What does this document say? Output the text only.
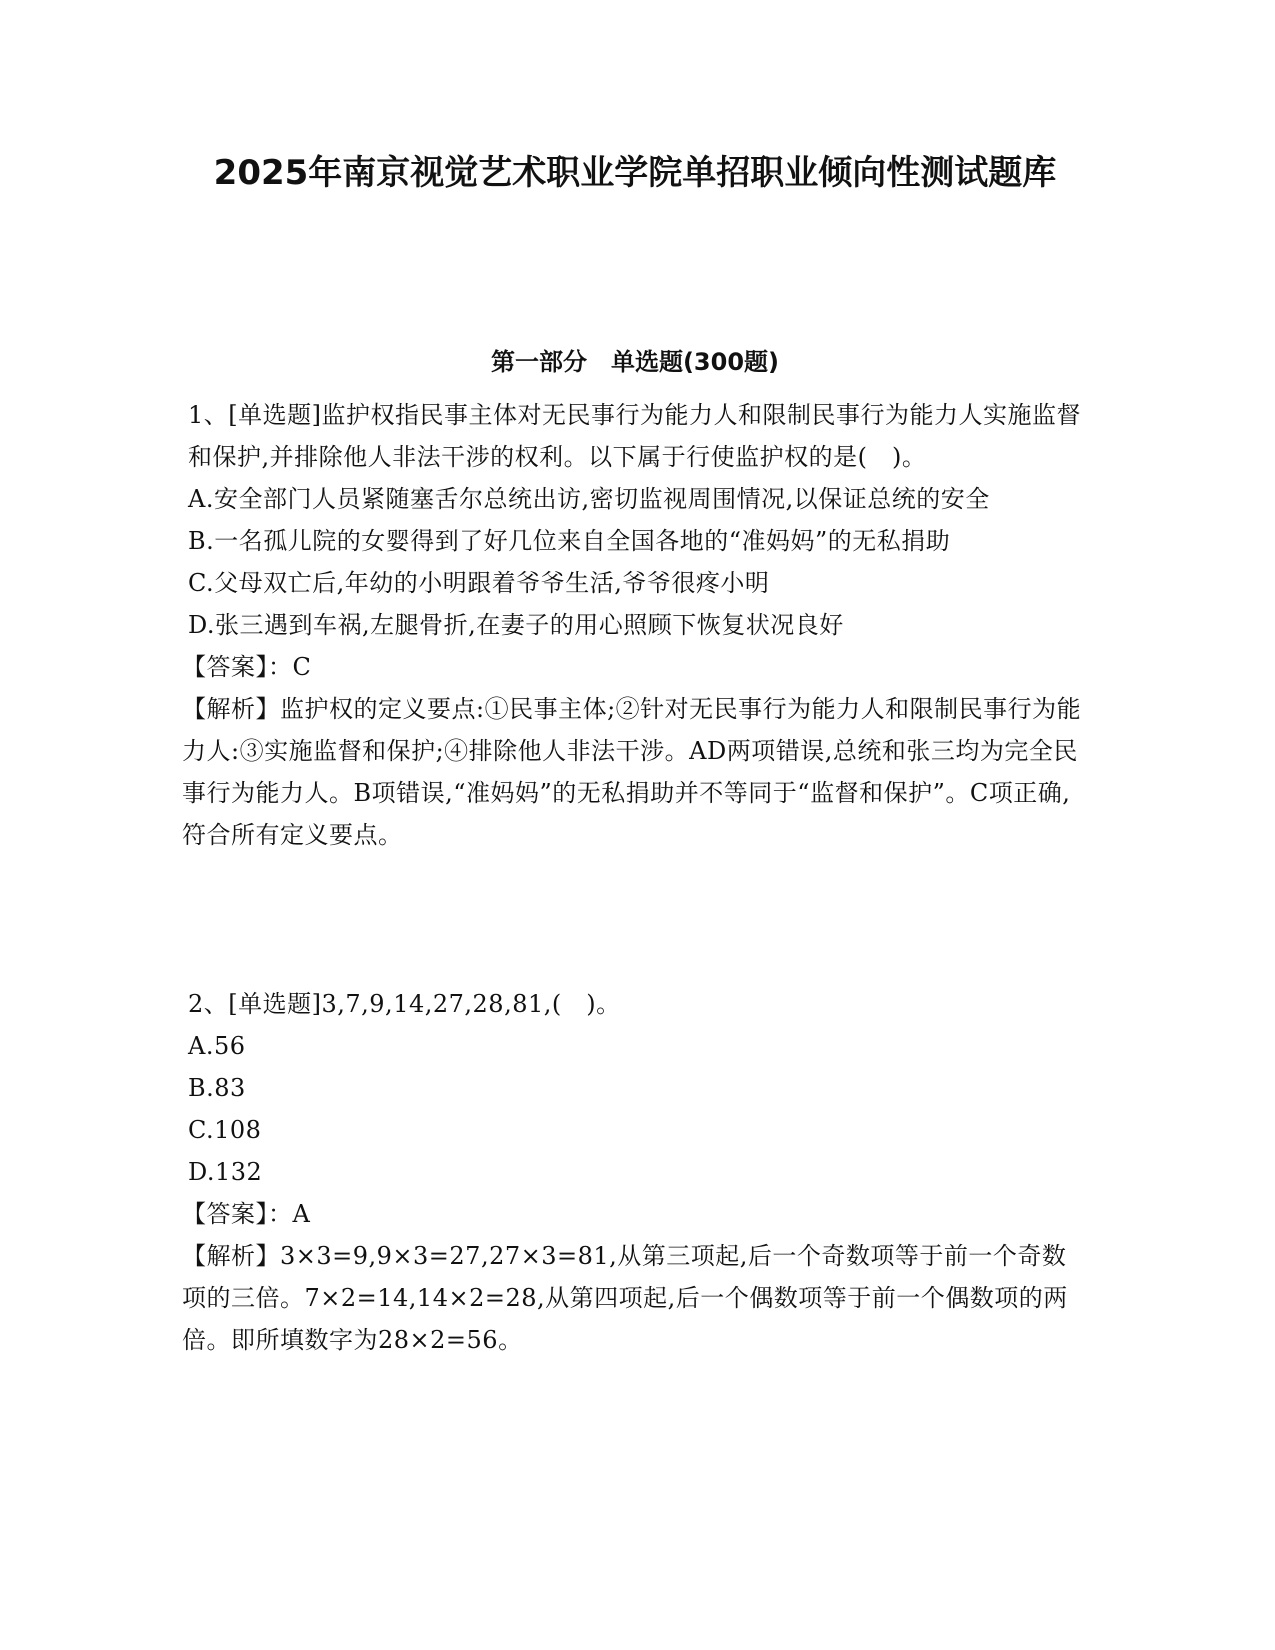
2025年南京视觉艺术职业学院单招职业倾向性测试题库
第一部分　单选题(300题)

1、[单选题]监护权指民事主体对无民事行为能力人和限制民事行为能力人实施监督和保护,并排除他人非法干涉的权利。以下属于行使监护权的是(　)。

A.安全部门人员紧随塞舌尔总统出访,密切监视周围情况,以保证总统的安全

B.一名孤儿院的女婴得到了好几位来自全国各地的“准妈妈”的无私捐助

C.父母双亡后,年幼的小明跟着爷爷生活,爷爷很疼小明

D.张三遇到车祸,左腿骨折,在妻子的用心照顾下恢复状况良好

【答案】：C

【解析】监护权的定义要点:①民事主体;②针对无民事行为能力人和限制民事行为能力人:③实施监督和保护;④排除他人非法干涉。AD两项错误,总统和张三均为完全民事行为能力人。B项错误,“准妈妈”的无私捐助并不等同于“监督和保护”。C项正确,符合所有定义要点。

2、[单选题]3,7,9,14,27,28,81,(　)。

A.56

B.83

C.108

D.132

【答案】：A

【解析】3×3=9,9×3=27,27×3=81,从第三项起,后一个奇数项等于前一个奇数项的三倍。7×2=14,14×2=28,从第四项起,后一个偶数项等于前一个偶数项的两倍。即所填数字为28×2=56。
